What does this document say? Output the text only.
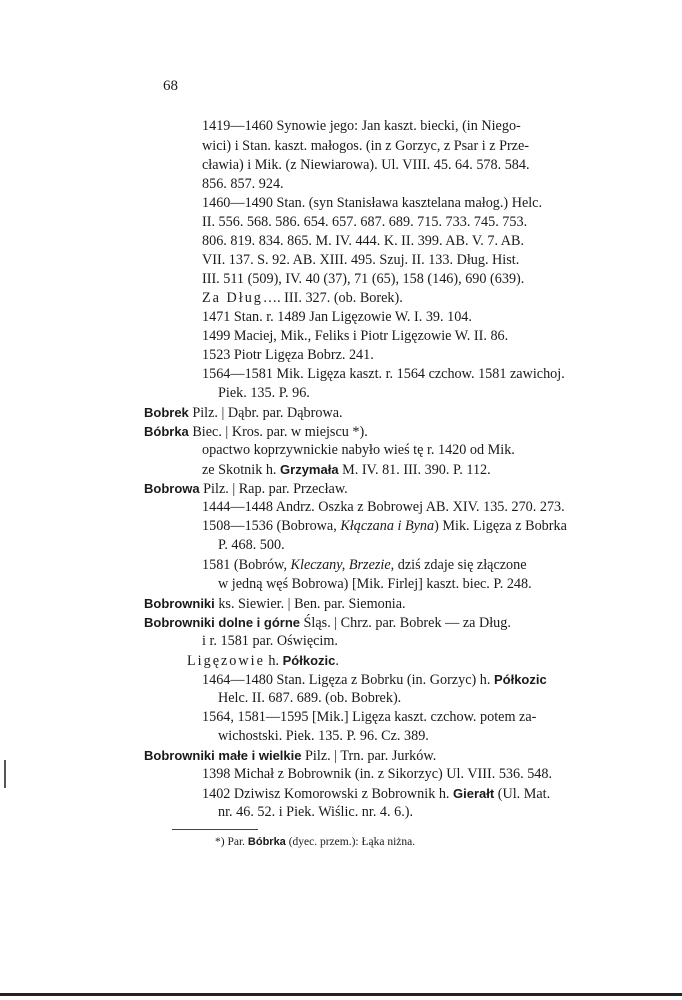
68
1419—1460 Synowie jego: Jan kaszt. biecki, (in Niego-
wici) i Stan. kaszt. małogos. (in z Gorzyc, z Psar i z Prze-
cławia) i Mik. (z Niewiarowa). Ul. VIII. 45. 64. 578. 584.
856. 857. 924.
1460—1490 Stan. (syn Stanisława kasztelana małog.) Helc.
II. 556. 568. 586. 654. 657. 687. 689. 715. 733. 745. 753.
806. 819. 834. 865. M. IV. 444. K. II. 399. AB. V. 7. AB.
VII. 137. S. 92. AB. XIII. 495. Szuj. II. 133. Dług. Hist.
III. 511 (509), IV. 40 (37), 71 (65), 158 (146), 690 (639).
Za Dług…. III. 327. (ob. Borek).
1471 Stan. r. 1489 Jan Ligęzowie W. I. 39. 104.
1499 Maciej, Mik., Feliks i Piotr Ligęzowie W. II. 86.
1523 Piotr Ligęza Bobrz. 241.
1564—1581 Mik. Ligęza kaszt. r. 1564 czchow. 1581 zawichoj.
Piek. 135. P. 96.
Bobrek Pilz. | Dąbr. par. Dąbrowa.
Bóbrka Biec. | Kros. par. w miejscu *).
opactwo koprzywnickie nabyło wieś tę r. 1420 od Mik.
ze Skotnik h. Grzymała M. IV. 81. III. 390. P. 112.
Bobrowa Pilz. | Rap. par. Przecław.
1444—1448 Andrz. Oszka z Bobrowej AB. XIV. 135. 270. 273.
1508—1536 (Bobrowa, Kłączana i Byna) Mik. Ligęza z Bobrka
P. 468. 500.
1581 (Bobrów, Kleczany, Brzezie, dziś zdaje się złączone
w jedną węś Bobrowa) [Mik. Firlej] kaszt. biec. P. 248.
Bobrowniki ks. Siewier. | Ben. par. Siemonia.
Bobrowniki dolne i górne Śląs. | Chrz. par. Bobrek — za Dług.
i r. 1581 par. Oświęcim.
Ligęzowie h. Półkozic.
1464—1480 Stan. Ligęza z Bobrku (in. Gorzyc) h. Półkozic
Helc. II. 687. 689. (ob. Bobrek).
1564, 1581—1595 [Mik.] Ligęza kaszt. czchow. potem za-
wichostski. Piek. 135. P. 96. Cz. 389.
Bobrowniki małe i wielkie Pilz. | Trn. par. Jurków.
1398 Michał z Bobrownik (in. z Sikorzyc) Ul. VIII. 536. 548.
1402 Dziwisz Komorowski z Bobrownik h. Gierałt (Ul. Mat.
nr. 46. 52. i Piek. Wiślic. nr. 4. 6.).
*) Par. Bóbrka (dyec. przem.): Łąka niżna.
